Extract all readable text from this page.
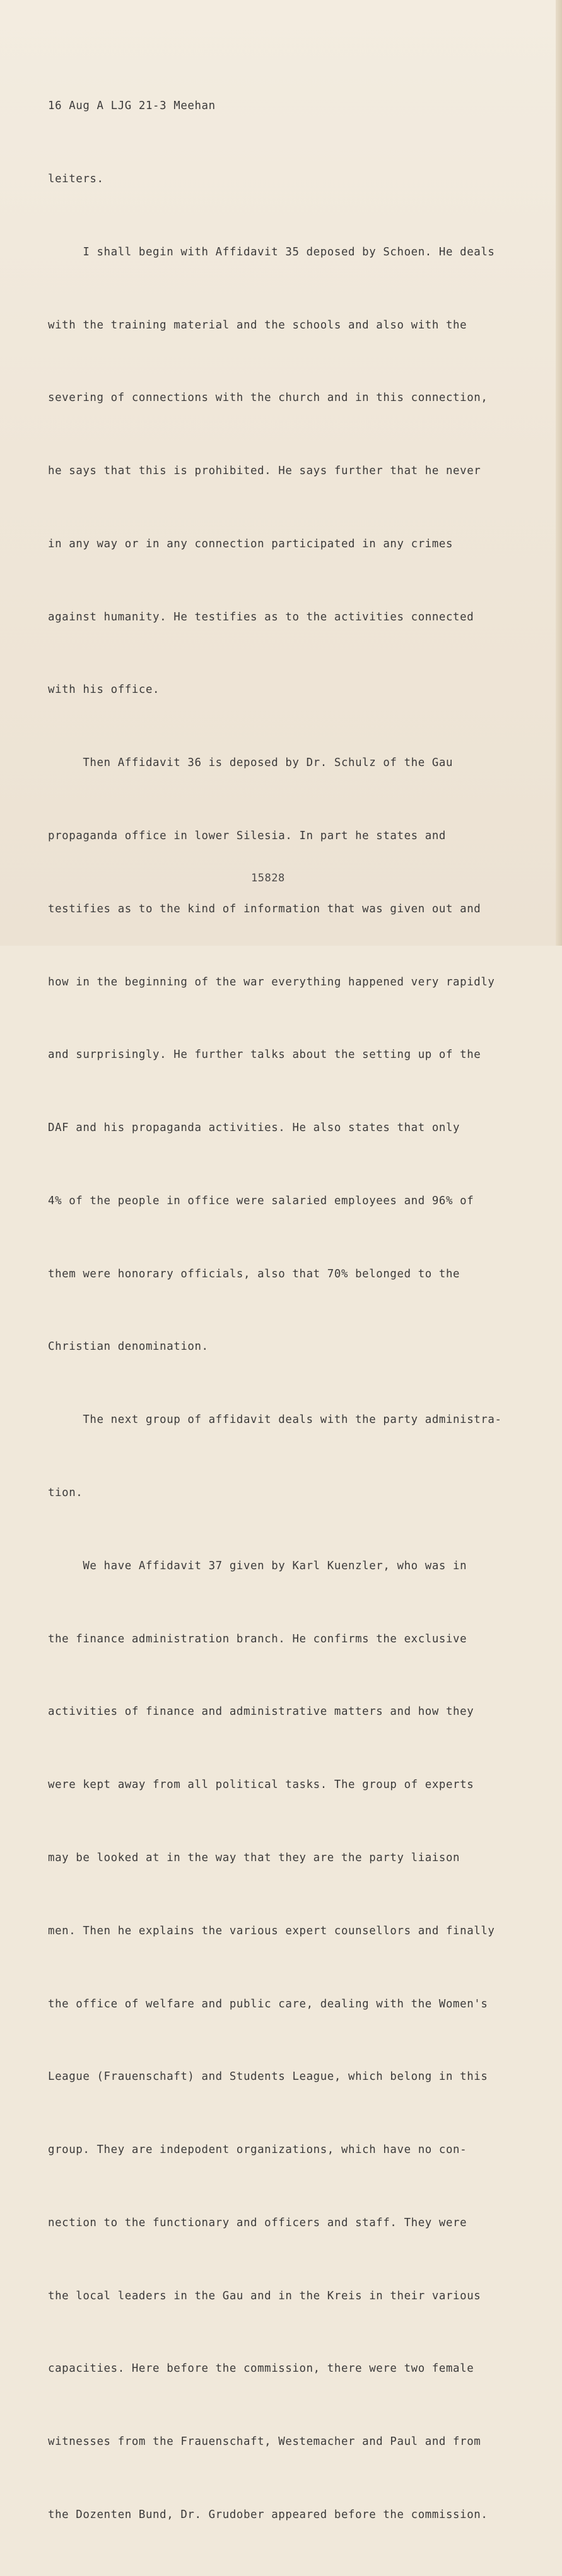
16 Aug A LJG 21-3 Meehan

leiters.

I shall begin with Affidavit 35 deposed by Schoen. He deals

with the training material and the schools and also with the

severing of connections with the church and in this connection,

he says that this is prohibited. He says further that he never

in any way or in any connection participated in any crimes

against humanity. He testifies as to the activities connected

with his office.

Then Affidavit 36 is deposed by Dr. Schulz of the Gau

propaganda office in lower Silesia. In part he states and

testifies as to the kind of information that was given out and

how in the beginning of the war everything happened very rapidly

and surprisingly. He further talks about the setting up of the

DAF and his propaganda activities. He also states that only

4% of the people in office were salaried employees and 96% of

them were honorary officials, also that 70% belonged to the

Christian denomination.

The next group of affidavit deals with the party administra-

tion.

We have Affidavit 37 given by Karl Kuenzler, who was in

the finance administration branch. He confirms the exclusive

activities of finance and administrative matters and how they

were kept away from all political tasks. The group of experts

may be looked at in the way that they are the party liaison

men. Then he explains the various expert counsellors and finally

the office of welfare and public care, dealing with the Women's

League (Frauenschaft) and Students League, which belong in this

group. They are indepodent organizations, which have no con-

nection to the functionary and officers and staff. They were

the local leaders in the Gau and in the Kreis in their various

capacities. Here before the commission, there were two female

witnesses from the Frauenschaft, Westemacher and Paul and from

the Dozenten Bund, Dr. Grudober appeared before the commission.

15828
